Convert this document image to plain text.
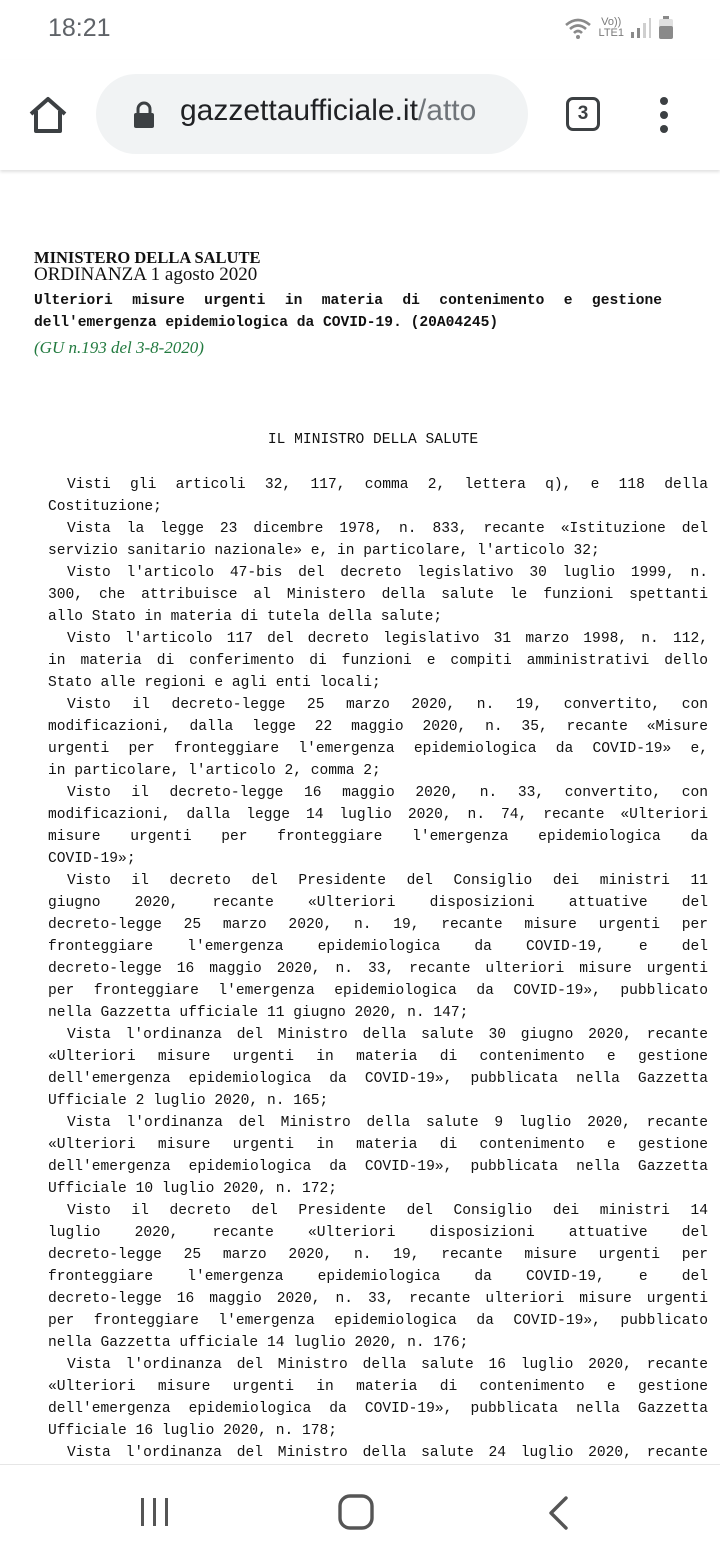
18:21	Vo))
LTE1
gazzettaufficiale.it/atto	3
MINISTERO DELLA SALUTE
ORDINANZA 1 agosto 2020
Ulteriori misure urgenti in materia di contenimento e gestione
dell'emergenza epidemiologica da COVID-19. (20A04245)
(GU n.193 del 3-8-2020)
IL MINISTRO DELLA SALUTE
Visti gli articoli 32, 117, comma 2, lettera q), e 118 della
Costituzione;
Vista la legge 23 dicembre 1978, n. 833, recante «Istituzione del
servizio sanitario nazionale» e, in particolare, l'articolo 32;
Visto l'articolo 47-bis del decreto legislativo 30 luglio 1999, n.
300, che attribuisce al Ministero della salute le funzioni spettanti
allo Stato in materia di tutela della salute;
Visto l'articolo 117 del decreto legislativo 31 marzo 1998, n. 112,
in materia di conferimento di funzioni e compiti amministrativi dello
Stato alle regioni e agli enti locali;
Visto il decreto-legge 25 marzo 2020, n. 19, convertito, con
modificazioni, dalla legge 22 maggio 2020, n. 35, recante «Misure
urgenti per fronteggiare l'emergenza epidemiologica da COVID-19» e,
in particolare, l'articolo 2, comma 2;
Visto il decreto-legge 16 maggio 2020, n. 33, convertito, con
modificazioni, dalla legge 14 luglio 2020, n. 74, recante «Ulteriori
misure urgenti per fronteggiare l'emergenza epidemiologica da
COVID-19»;
Visto il decreto del Presidente del Consiglio dei ministri 11
giugno 2020, recante «Ulteriori disposizioni attuative del
decreto-legge 25 marzo 2020, n. 19, recante misure urgenti per
fronteggiare l'emergenza epidemiologica da COVID-19, e del
decreto-legge 16 maggio 2020, n. 33, recante ulteriori misure urgenti
per fronteggiare l'emergenza epidemiologica da COVID-19», pubblicato
nella Gazzetta ufficiale 11 giugno 2020, n. 147;
Vista l'ordinanza del Ministro della salute 30 giugno 2020, recante
«Ulteriori misure urgenti in materia di contenimento e gestione
dell'emergenza epidemiologica da COVID-19», pubblicata nella Gazzetta
Ufficiale 2 luglio 2020, n. 165;
Vista l'ordinanza del Ministro della salute 9 luglio 2020, recante
«Ulteriori misure urgenti in materia di contenimento e gestione
dell'emergenza epidemiologica da COVID-19», pubblicata nella Gazzetta
Ufficiale 10 luglio 2020, n. 172;
Visto il decreto del Presidente del Consiglio dei ministri 14
luglio 2020, recante «Ulteriori disposizioni attuative del
decreto-legge 25 marzo 2020, n. 19, recante misure urgenti per
fronteggiare l'emergenza epidemiologica da COVID-19, e del
decreto-legge 16 maggio 2020, n. 33, recante ulteriori misure urgenti
per fronteggiare l'emergenza epidemiologica da COVID-19», pubblicato
nella Gazzetta ufficiale 14 luglio 2020, n. 176;
Vista l'ordinanza del Ministro della salute 16 luglio 2020, recante
«Ulteriori misure urgenti in materia di contenimento e gestione
dell'emergenza epidemiologica da COVID-19», pubblicata nella Gazzetta
Ufficiale 16 luglio 2020, n. 178;
Vista l'ordinanza del Ministro della salute 24 luglio 2020, recante
